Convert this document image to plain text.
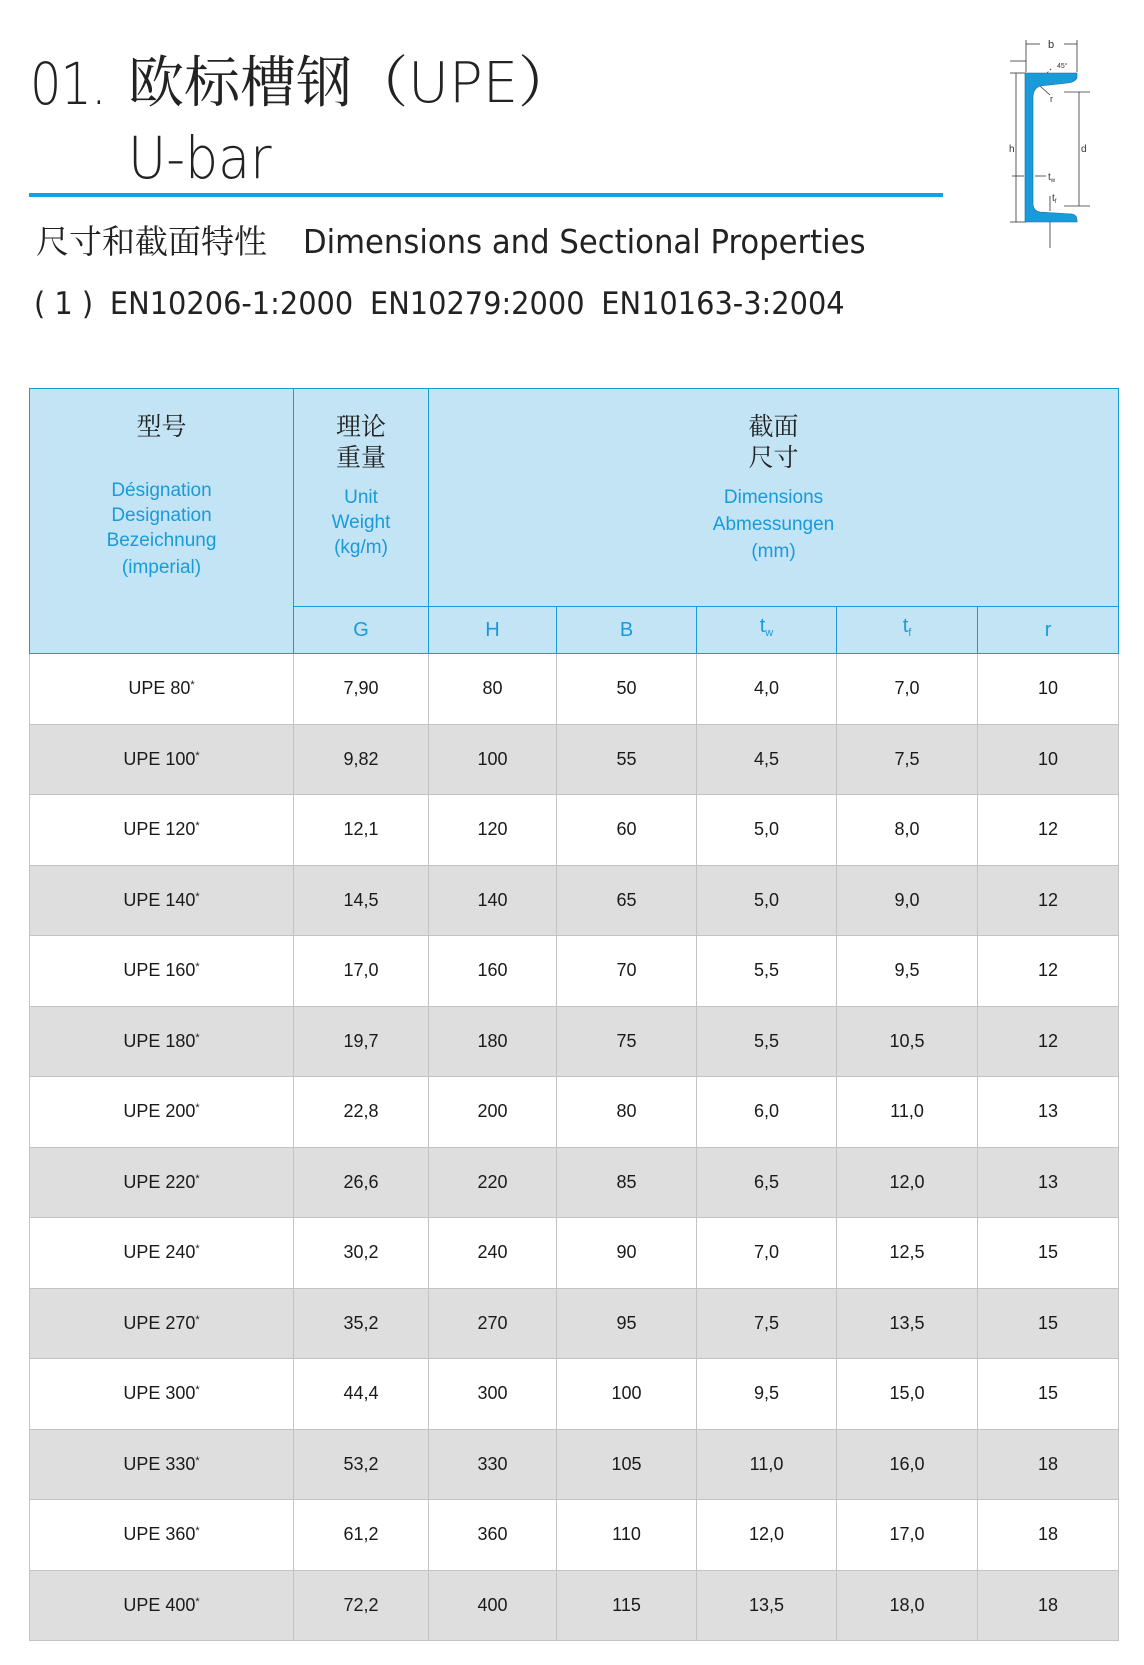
01. 欧标槽钢（UPE）
U-bar
尺寸和截面特性 Dimensions and Sectional Properties
( 1 ) EN10206-1:2000 EN10279:2000 EN10163-3:2004
b
45°
r
h	d
$t_w$
$t_f$
型号
Désignation
Designation
Bezeichnung
(imperial)

理论
重量
Unit
Weight
(kg/m)

截面
尺寸
Dimensions
Abmessungen
(mm)

	G	H	B	$t_w$	$t_f$	r
UPE 80*	7,90	80	50	4,0	7,0	10
UPE 100*	9,82	100	55	4,5	7,5	10
UPE 120*	12,1	120	60	5,0	8,0	12
UPE 140*	14,5	140	65	5,0	9,0	12
UPE 160*	17,0	160	70	5,5	9,5	12
UPE 180*	19,7	180	75	5,5	10,5	12
UPE 200*	22,8	200	80	6,0	11,0	13
UPE 220*	26,6	220	85	6,5	12,0	13
UPE 240*	30,2	240	90	7,0	12,5	15
UPE 270*	35,2	270	95	7,5	13,5	15
UPE 300*	44,4	300	100	9,5	15,0	15
UPE 330*	53,2	330	105	11,0	16,0	18
UPE 360*	61,2	360	110	12,0	17,0	18
UPE 400*	72,2	400	115	13,5	18,0	18
